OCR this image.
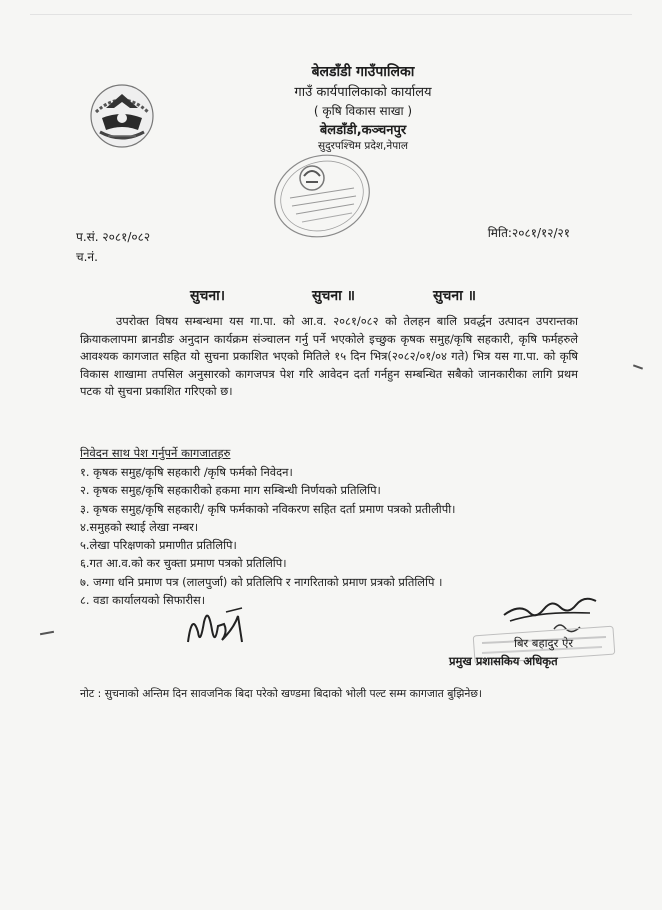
बेलडाँडी गाउँपालिका
गाउँ कार्यपालिकाको कार्यालय
( कृषि विकास साखा )
बेलडाँडी,कञ्चनपुर
सुदुरपश्चिम प्रदेश,नेपाल
प.सं. २०८१/०८२
च.नं.
मिति:२०८१/१२/२१
सुचना।	सुचना ॥	सुचना ॥
उपरोक्त विषय सम्बन्धमा यस गा.पा. को आ.व. २०८१/०८२ को तेलहन बालि प्रवर्द्धन उत्पादन उपरान्तका क्रियाकलापमा ब्रानडीङ अनुदान कार्यक्रम संञ्चालन गर्नु पर्ने भएकोले इच्छुक कृषक समुह/कृषि सहकारी, कृषि फर्महरुले आवश्यक कागजात सहित यो सुचना प्रकाशित भएको मितिले १५ दिन भित्र(२०८२/०१/०४ गते) भित्र यस गा.पा. को कृषि विकास शाखामा तपसिल अनुसारको कागजपत्र पेश गरि आवेदन दर्ता गर्नहुन सम्बन्धित सबैको जानकारीका लागि प्रथम पटक यो सुचना प्रकाशित गरिएको छ।
निवेदन साथ पेश गर्नुपर्ने कागजातहरु
१. कृषक समुह/कृषि सहकारी /कृषि फर्मको निवेदन।
२. कृषक समुह/कृषि सहकारीको हकमा माग सम्बिन्धी निर्णयको प्रतिलिपि।
३. कृषक समुह/कृषि सहकारी/ कृषि फर्मकाको नविकरण सहित दर्ता प्रमाण पत्रको प्रतीलीपी।
४.समुहको स्थाई लेखा नम्बर।
५.लेखा परिक्षणको प्रमाणीत प्रतिलिपि।
६.गत आ.व.को कर चुक्ता प्रमाण पत्रको प्रतिलिपि।
७. जग्गा धनि प्रमाण पत्र (लालपुर्जा) को प्रतिलिपि र नागरिताको प्रमाण प्रत्रको प्रतिलिपि ।
८. वडा कार्यालयको सिफारीस।
बिर बहादुर ऐर
प्रमुख प्रशासकिय अधिकृत
नोट : सुचनाको अन्तिम दिन सावजनिक बिदा परेको खण्डमा बिदाको भोली पल्ट सम्म कागजात बुझिनेछ।
